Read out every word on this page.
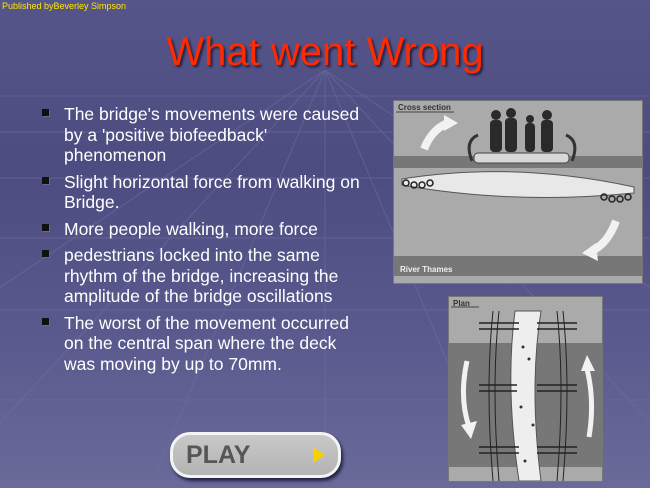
Published byBeverley Simpson
What went Wrong
The bridge's movements were caused by a 'positive biofeedback' phenomenon
Slight horizontal force from walking on Bridge.
More people walking, more force
pedestrians locked into the same rhythm of the bridge, increasing the amplitude of the bridge oscillations
The worst of the movement occurred on the central span where the deck was moving by up to 70mm.
Cross section
River Thames
Plan
PLAY
